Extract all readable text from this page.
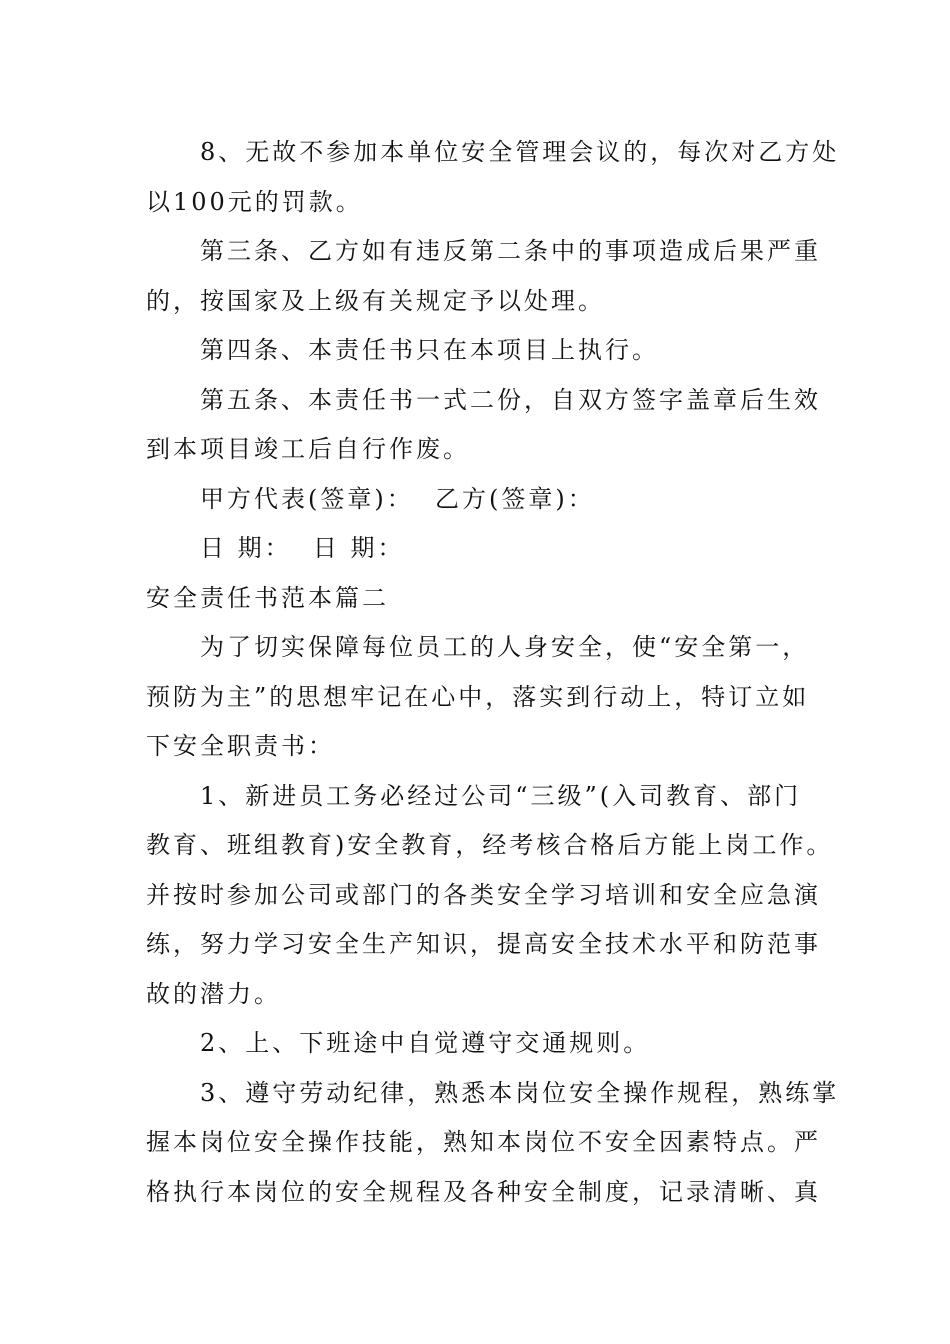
8、无故不参加本单位安全管理会议的，每次对乙方处
以100元的罚款。
第三条、乙方如有违反第二条中的事项造成后果严重
的，按国家及上级有关规定予以处理。
第四条、本责任书只在本项目上执行。
第五条、本责任书一式二份，自双方签字盖章后生效
到本项目竣工后自行作废。
甲方代表(签章)：  乙方(签章)：
日 期：  日 期：
安全责任书范本篇二
为了切实保障每位员工的人身安全，使“安全第一，
预防为主”的思想牢记在心中，落实到行动上，特订立如
下安全职责书：
1、新进员工务必经过公司“三级”(入司教育、部门
教育、班组教育)安全教育，经考核合格后方能上岗工作。
并按时参加公司或部门的各类安全学习培训和安全应急演
练，努力学习安全生产知识，提高安全技术水平和防范事
故的潜力。
2、上、下班途中自觉遵守交通规则。
3、遵守劳动纪律，熟悉本岗位安全操作规程，熟练掌
握本岗位安全操作技能，熟知本岗位不安全因素特点。严
格执行本岗位的安全规程及各种安全制度，记录清晰、真
